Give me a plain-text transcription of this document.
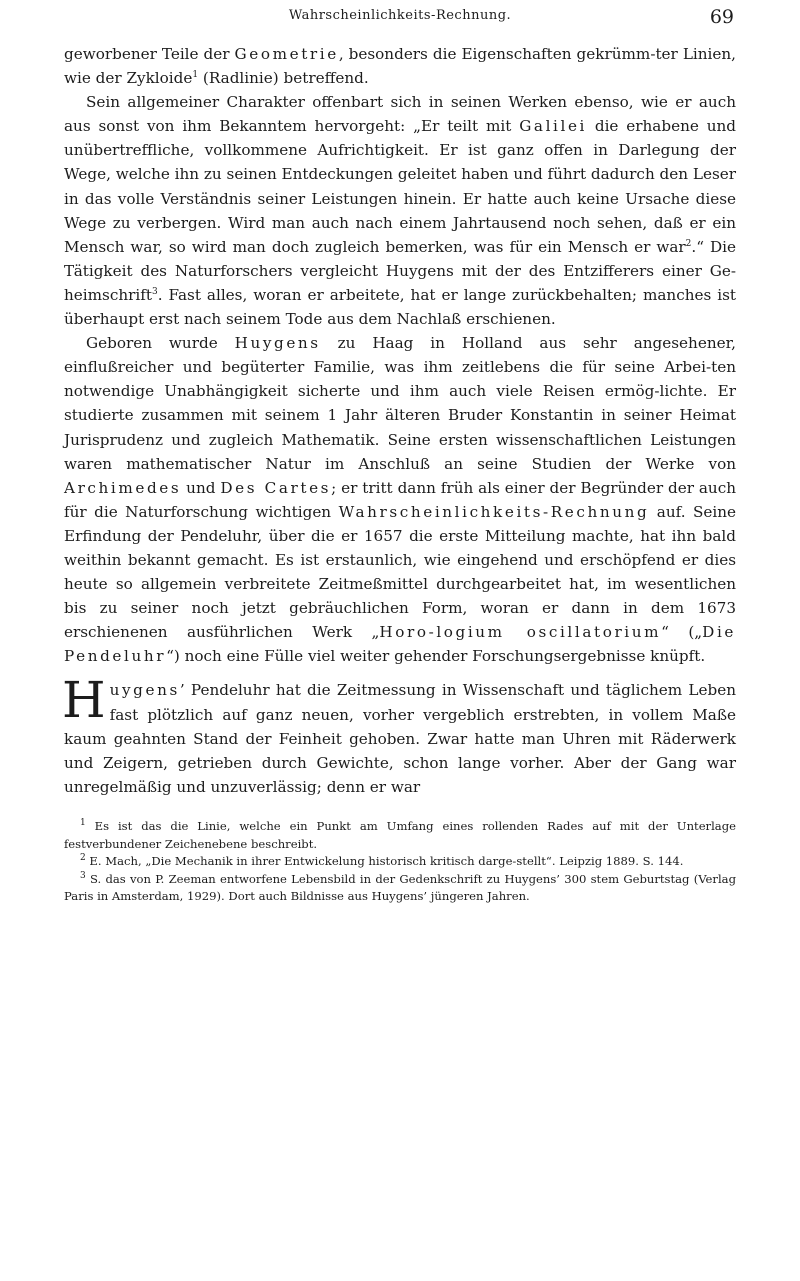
Wahrscheinlichkeits-Rechnung.	69

geworbener Teile der Geometrie, besonders die Eigenschaften gekrümm-ter Linien, wie der Zykloide$^1$ (Radlinie) betreffend.

Sein allgemeiner Charakter offenbart sich in seinen Werken ebenso, wie er auch aus sonst von ihm Bekanntem hervorgeht: „Er teilt mit Galilei die erhabene und unübertreffliche, vollkommene Aufrichtigkeit. Er ist ganz offen in Darlegung der Wege, welche ihn zu seinen Entdeckungen geleitet haben und führt dadurch den Leser in das volle Verständnis seiner Leistungen hinein. Er hatte auch keine Ursache diese Wege zu verbergen. Wird man auch nach einem Jahrtausend noch sehen, daß er ein Mensch war, so wird man doch zugleich bemerken, was für ein Mensch er war$^2$.“ Die Tätigkeit des Naturforschers vergleicht Huygens mit der des Entzifferers einer Ge-heimschrift$^3$. Fast alles, woran er arbeitete, hat er lange zurückbehalten; manches ist überhaupt erst nach seinem Tode aus dem Nachlaß erschienen.

Geboren wurde Huygens zu Haag in Holland aus sehr angesehener, einflußreicher und begüterter Familie, was ihm zeitlebens die für seine Arbei-ten notwendige Unabhängigkeit sicherte und ihm auch viele Reisen ermög-lichte. Er studierte zusammen mit seinem 1 Jahr älteren Bruder Konstantin in seiner Heimat Jurisprudenz und zugleich Mathematik. Seine ersten wissenschaftlichen Leistungen waren mathematischer Natur im Anschluß an seine Studien der Werke von Archimedes und Des Cartes; er tritt dann früh als einer der Begründer der auch für die Naturforschung wichtigen Wahrscheinlichkeits-Rechnung auf. Seine Erfindung der Pendeluhr, über die er 1657 die erste Mitteilung machte, hat ihn bald weithin bekannt gemacht. Es ist erstaunlich, wie eingehend und erschöpfend er dies heute so allgemein verbreitete Zeitmeßmittel durchgearbeitet hat, im wesentlichen bis zu seiner noch jetzt gebräuchlichen Form, woran er dann in dem 1673 erschienenen ausführlichen Werk „Horo-logium oscillatorium“ („Die Pendeluhr“) noch eine Fülle viel weiter gehender Forschungsergebnisse knüpft.

Huygens’ Pendeluhr hat die Zeitmessung in Wissenschaft und täglichem Leben fast plötzlich auf ganz neuen, vorher vergeblich erstrebten, in vollem Maße kaum geahnten Stand der Feinheit gehoben. Zwar hatte man Uhren mit Räderwerk und Zeigern, getrieben durch Gewichte, schon lange vorher. Aber der Gang war unregelmäßig und unzuverlässig; denn er war

$^1$ Es ist das die Linie, welche ein Punkt am Umfang eines rollenden Rades auf mit der Unterlage festverbundener Zeichenebene beschreibt.

$^2$ E. Mach, „Die Mechanik in ihrer Entwickelung historisch kritisch darge-stellt“. Leipzig 1889. S. 144.

$^3$ S. das von P. Zeeman entworfene Lebensbild in der Gedenkschrift zu Huygens’ 300 stem Geburtstag (Verlag Paris in Amsterdam, 1929). Dort auch Bildnisse aus Huygens’ jüngeren Jahren.
